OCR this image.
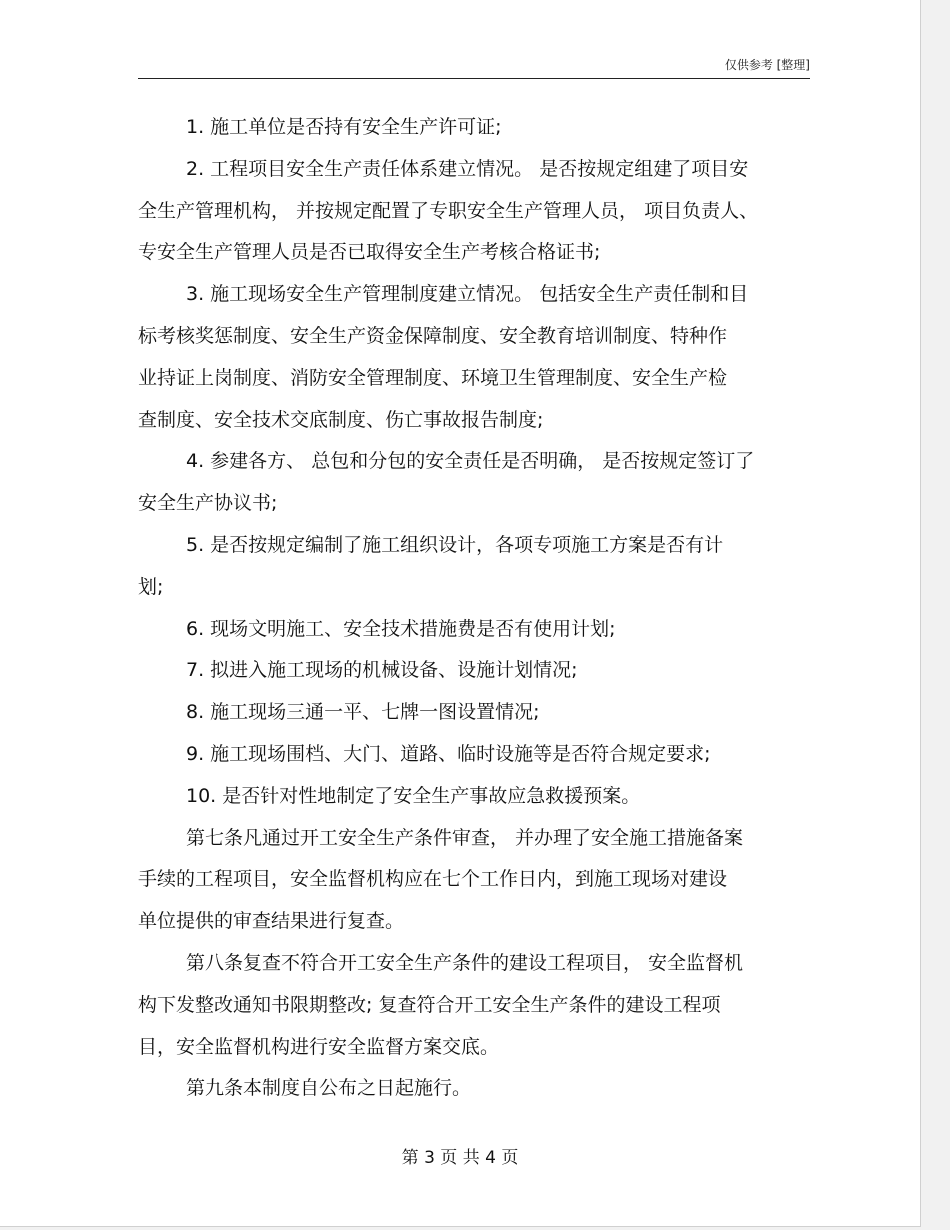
仅供参考 [整理]

1. 施工单位是否持有安全生产许可证;

2. 工程项目安全生产责任体系建立情况。 是否按规定组建了项目安
全生产管理机构， 并按规定配置了专职安全生产管理人员， 项目负责人、
专安全生产管理人员是否已取得安全生产考核合格证书;

3. 施工现场安全生产管理制度建立情况。 包括安全生产责任制和目
标考核奖惩制度、安全生产资金保障制度、安全教育培训制度、特种作
业持证上岗制度、消防安全管理制度、环境卫生管理制度、安全生产检
查制度、安全技术交底制度、伤亡事故报告制度;

4. 参建各方、 总包和分包的安全责任是否明确， 是否按规定签订了
安全生产协议书;

5. 是否按规定编制了施工组织设计，各项专项施工方案是否有计
划;

6. 现场文明施工、安全技术措施费是否有使用计划;

7. 拟进入施工现场的机械设备、设施计划情况;

8. 施工现场三通一平、七牌一图设置情况;

9. 施工现场围档、大门、道路、临时设施等是否符合规定要求;

10. 是否针对性地制定了安全生产事故应急救援预案。

第七条凡通过开工安全生产条件审查， 并办理了安全施工措施备案
手续的工程项目，安全监督机构应在七个工作日内，到施工现场对建设
单位提供的审查结果进行复查。

第八条复查不符合开工安全生产条件的建设工程项目， 安全监督机
构下发整改通知书限期整改; 复查符合开工安全生产条件的建设工程项
目，安全监督机构进行安全监督方案交底。

第九条本制度自公布之日起施行。

第 3 页 共 4 页
